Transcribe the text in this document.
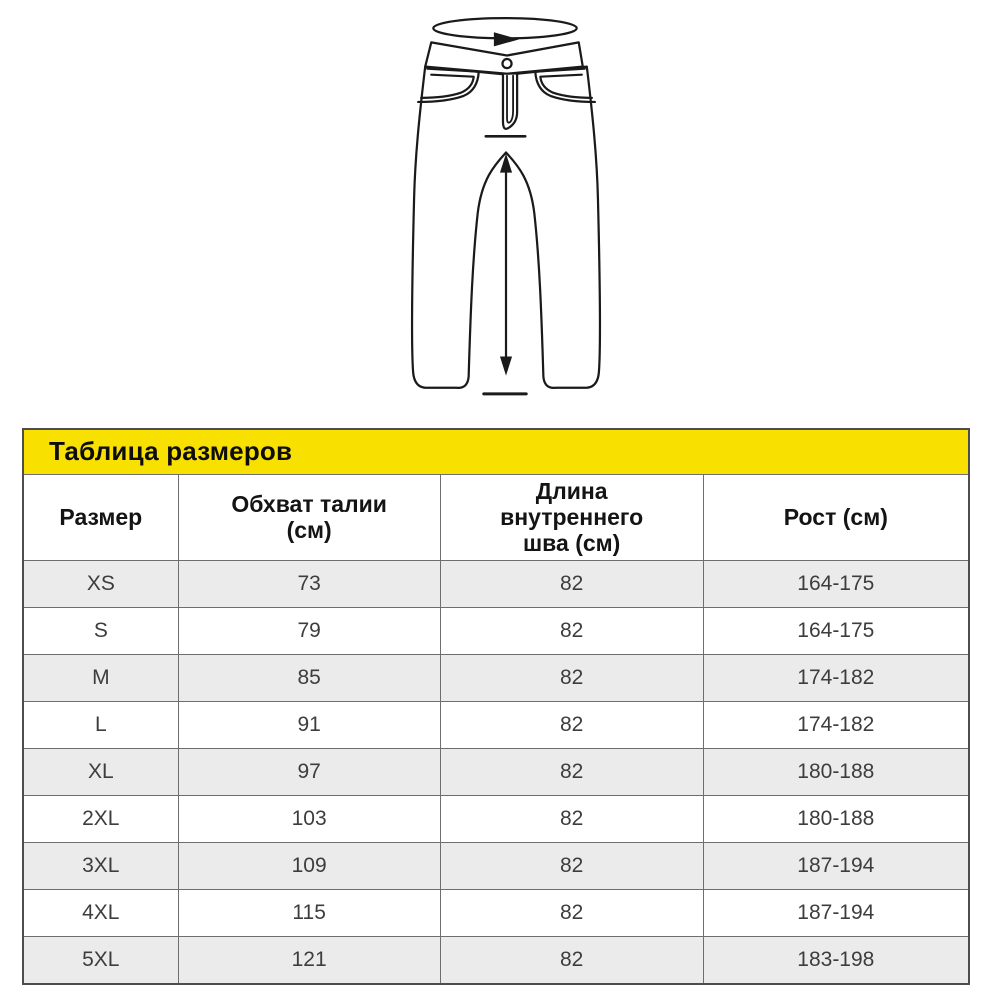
Таблица размеров			
Размер	Обхват талии (см)	Длина внутреннего шва (см)	Рост (см)
XS	73	82	164-175
S	79	82	164-175
M	85	82	174-182
L	91	82	174-182
XL	97	82	180-188
2XL	103	82	180-188
3XL	109	82	187-194
4XL	115	82	187-194
5XL	121	82	183-198
